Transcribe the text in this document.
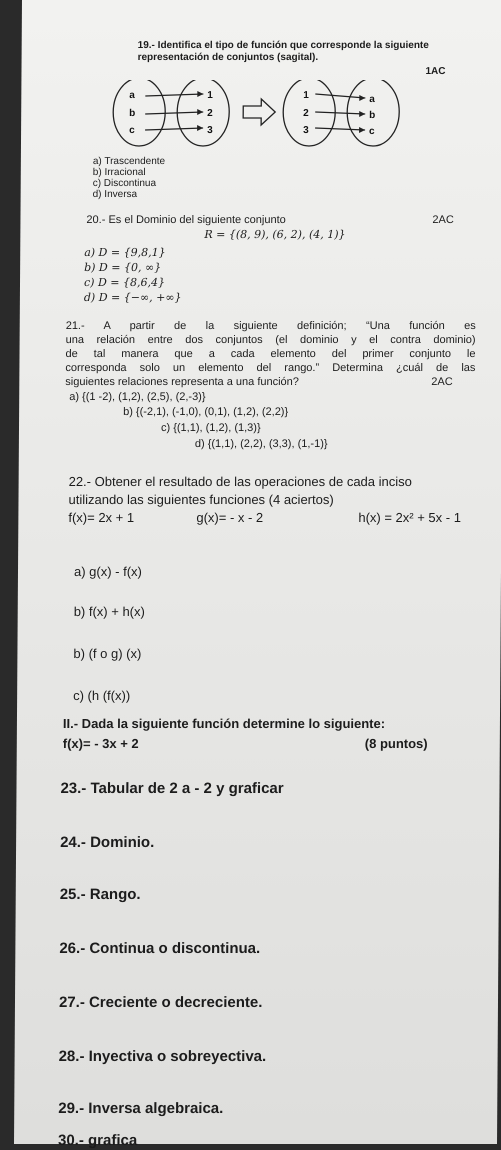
19.- Identifica el tipo de función que corresponde la siguiente
representación de conjuntos (sagital).
1AC
a
b
c
1
2
3
1
2
3
a
b
c
a) Trascendente
b) Irracional
c) Discontinua
d) Inversa
20.- Es el Dominio del siguiente conjunto	2AC
R = {(8, 9), (6, 2), (4, 1)}
a) D = {9,8,1}
b) D = {0, ∞}
c) D = {8,6,4}
d) D = {−∞, +∞}
21.- A partir de la siguiente definición; “Una función es
una relación entre dos conjuntos (el dominio y el contra dominio)
de tal manera que a cada elemento del primer conjunto le
corresponda solo un elemento del rango.” Determina ¿cuál de las
siguientes relaciones representa a una función?	2AC
a) {(1 -2), (1,2), (2,5), (2,-3)}
b) {(-2,1), (-1,0), (0,1), (1,2), (2,2)}
c) {(1,1), (1,2), (1,3)}
d) {(1,1), (2,2), (3,3), (1,-1)}
22.- Obtener el resultado de las operaciones de cada inciso
utilizando las siguientes funciones (4 aciertos)
f(x)= 2x + 1	g(x)= - x - 2	h(x) = 2x² + 5x - 1
a) g(x) - f(x)
b) f(x) + h(x)
b) (f o g) (x)
c) (h (f(x))
II.- Dada la siguiente función determine lo siguiente:
f(x)= - 3x + 2	(8 puntos)
23.- Tabular de 2 a - 2 y graficar
24.- Dominio.
25.- Rango.
26.- Continua o discontinua.
27.- Creciente o decreciente.
28.- Inyectiva o sobreyectiva.
29.- Inversa algebraica.
30.- grafica
